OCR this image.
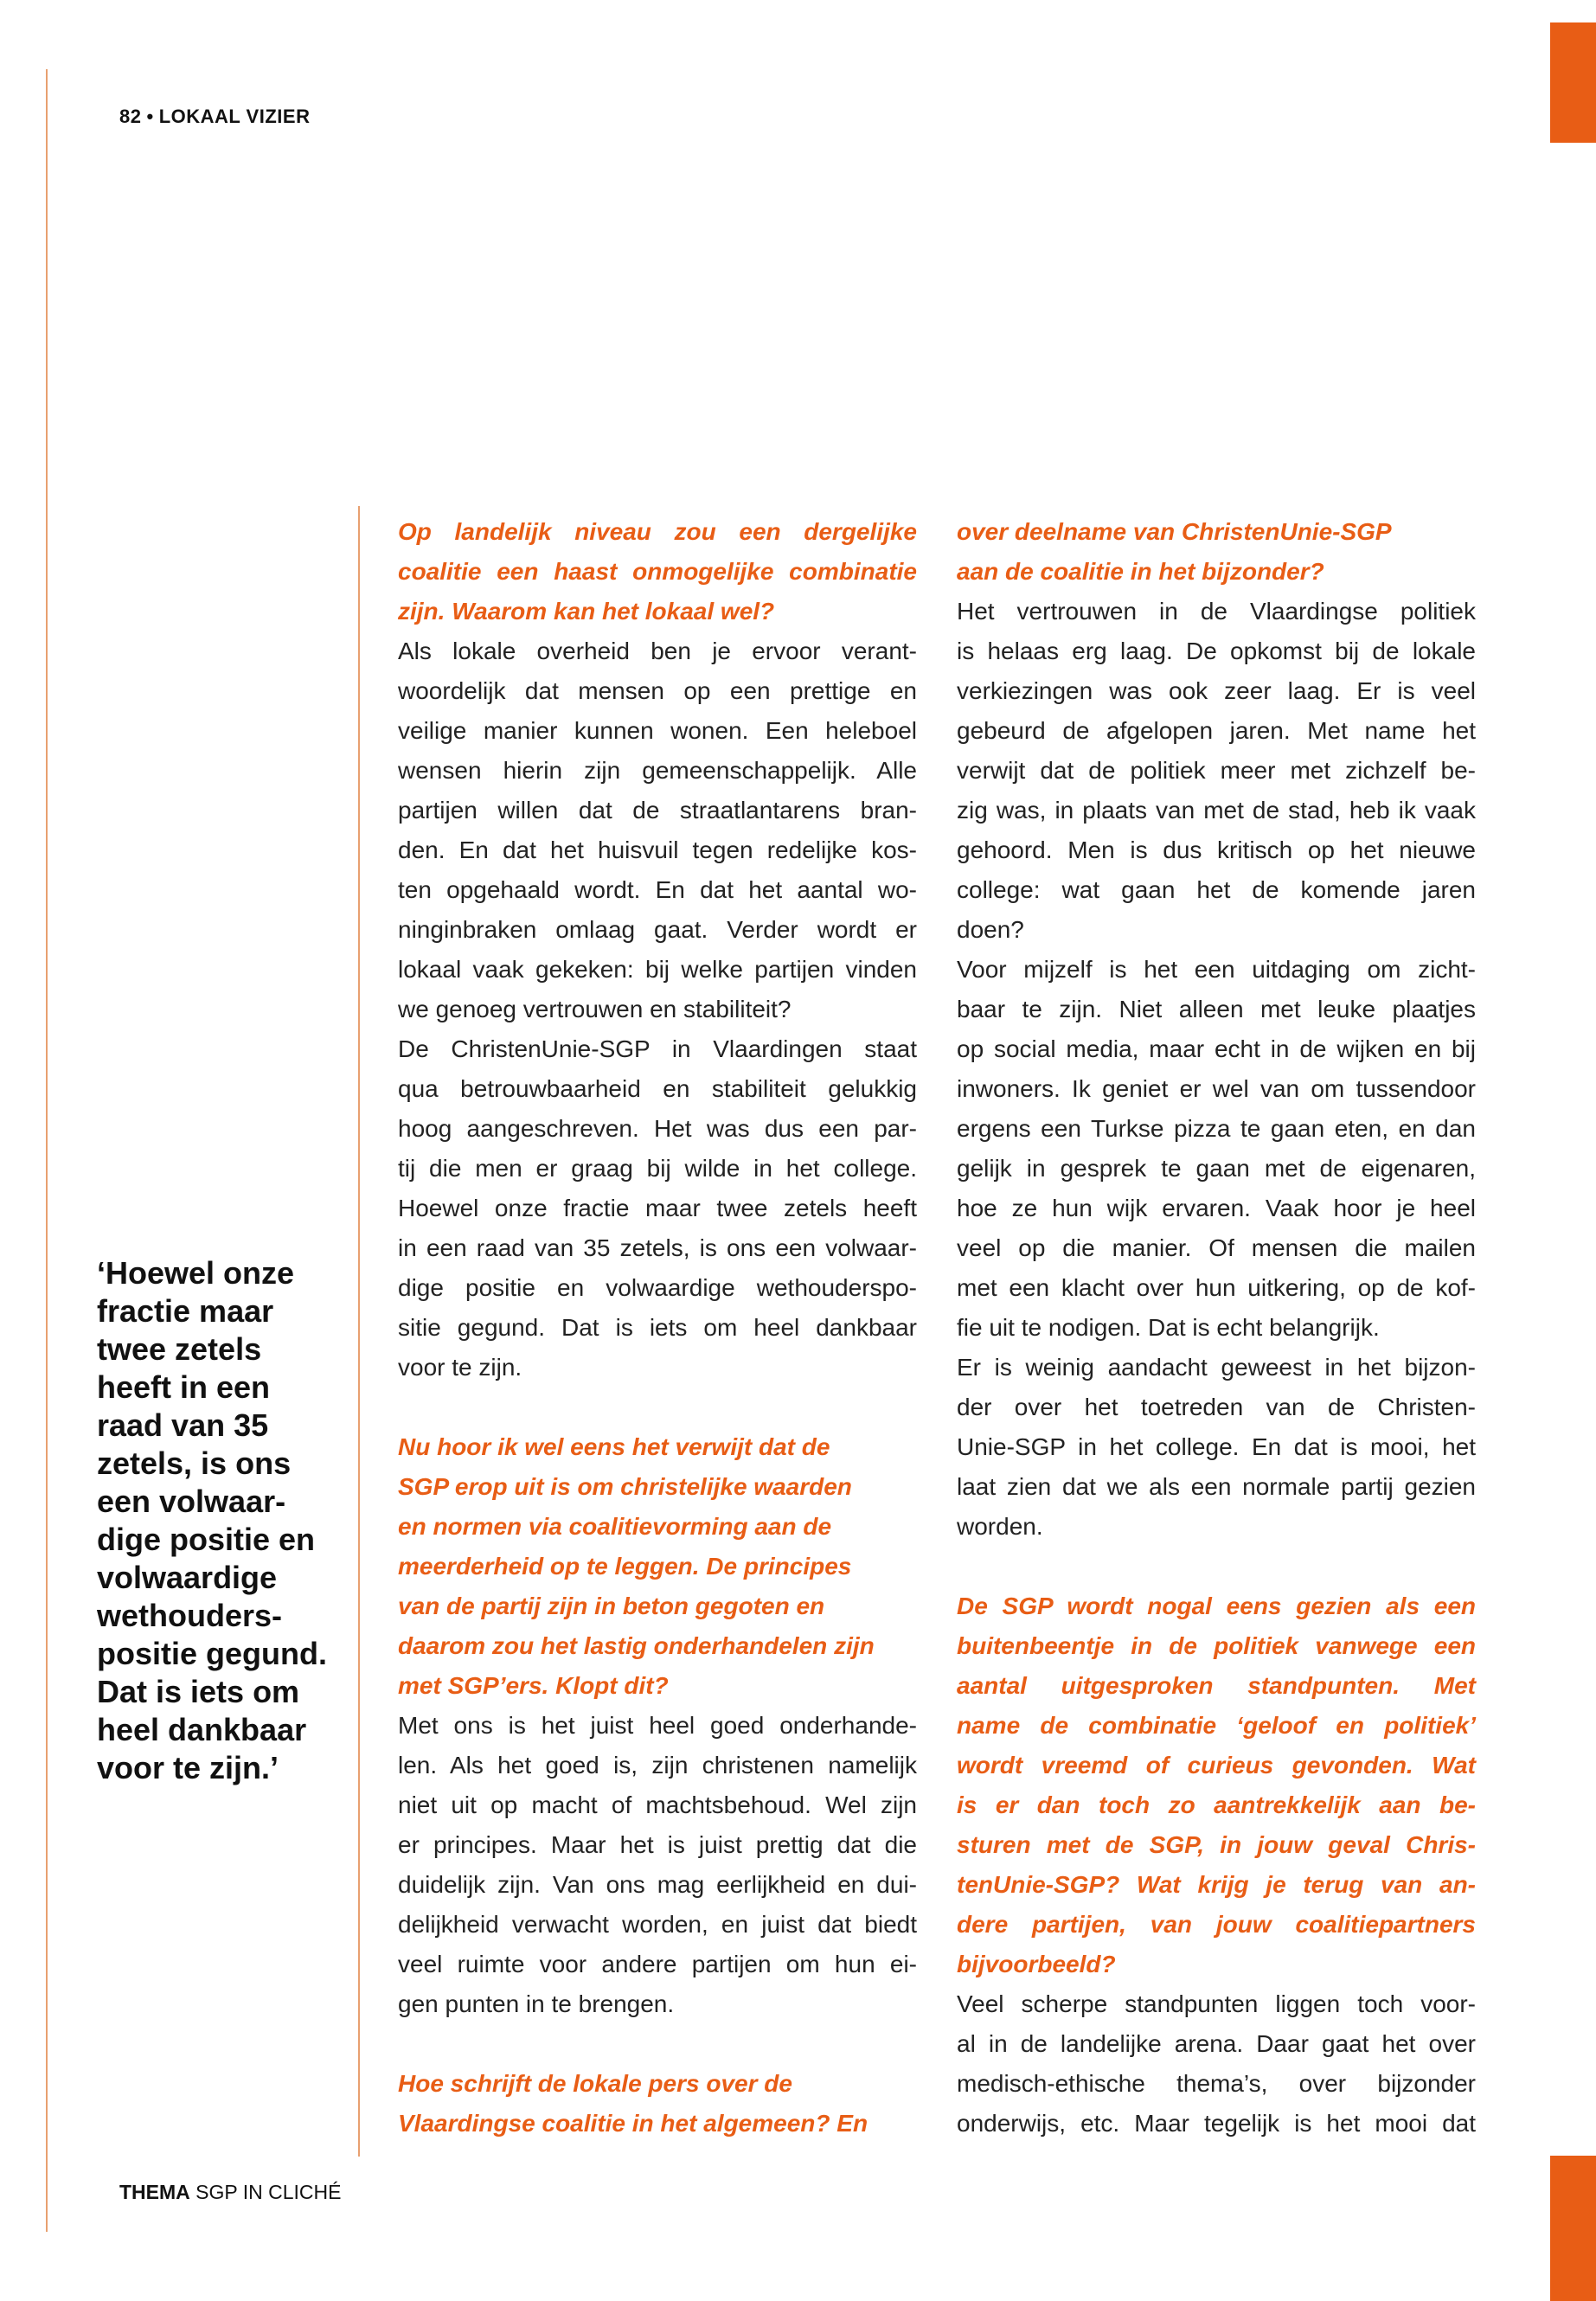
82 • LOKAAL VIZIER
‘Hoewel onze
fractie maar
twee zetels
heeft in een
raad van 35
zetels, is ons
een volwaar-
dige positie en
volwaardige
wethouders-
positie gegund.
Dat is iets om
heel dankbaar
voor te zijn.’
Op landelijk niveau zou een dergelijke
coalitie een haast onmogelijke combinatie
zijn. Waarom kan het lokaal wel?
Als lokale overheid ben je ervoor verant-
woordelijk dat mensen op een prettige en
veilige manier kunnen wonen. Een heleboel
wensen hierin zijn gemeenschappelijk. Alle
partijen willen dat de straatlantarens bran-
den. En dat het huisvuil tegen redelijke kos-
ten opgehaald wordt. En dat het aantal wo-
ninginbraken omlaag gaat. Verder wordt er
lokaal vaak gekeken: bij welke partijen vinden
we genoeg vertrouwen en stabiliteit?
De ChristenUnie-SGP in Vlaardingen staat
qua betrouwbaarheid en stabiliteit gelukkig
hoog aangeschreven. Het was dus een par-
tij die men er graag bij wilde in het college.
Hoewel onze fractie maar twee zetels heeft
in een raad van 35 zetels, is ons een volwaar-
dige positie en volwaardige wethouderspo-
sitie gegund. Dat is iets om heel dankbaar
voor te zijn.
Nu hoor ik wel eens het verwijt dat de
SGP erop uit is om christelijke waarden
en normen via coalitievorming aan de
meerderheid op te leggen. De principes
van de partij zijn in beton gegoten en
daarom zou het lastig onderhandelen zijn
met SGP’ers. Klopt dit?
Met ons is het juist heel goed onderhande-
len. Als het goed is, zijn christenen namelijk
niet uit op macht of machtsbehoud. Wel zijn
er principes. Maar het is juist prettig dat die
duidelijk zijn. Van ons mag eerlijkheid en dui-
delijkheid verwacht worden, en juist dat biedt
veel ruimte voor andere partijen om hun ei-
gen punten in te brengen.
Hoe schrijft de lokale pers over de
Vlaardingse coalitie in het algemeen? En
over deelname van ChristenUnie-SGP
aan de coalitie in het bijzonder?
Het vertrouwen in de Vlaardingse politiek
is helaas erg laag. De opkomst bij de lokale
verkiezingen was ook zeer laag. Er is veel
gebeurd de afgelopen jaren. Met name het
verwijt dat de politiek meer met zichzelf be-
zig was, in plaats van met de stad, heb ik vaak
gehoord. Men is dus kritisch op het nieuwe
college: wat gaan het de komende jaren
doen?
Voor mijzelf is het een uitdaging om zicht-
baar te zijn. Niet alleen met leuke plaatjes
op social media, maar echt in de wijken en bij
inwoners. Ik geniet er wel van om tussendoor
ergens een Turkse pizza te gaan eten, en dan
gelijk in gesprek te gaan met de eigenaren,
hoe ze hun wijk ervaren. Vaak hoor je heel
veel op die manier. Of mensen die mailen
met een klacht over hun uitkering, op de kof-
fie uit te nodigen. Dat is echt belangrijk.
Er is weinig aandacht geweest in het bijzon-
der over het toetreden van de Christen-
Unie-SGP in het college. En dat is mooi, het
laat zien dat we als een normale partij gezien
worden.
De SGP wordt nogal eens gezien als een
buitenbeentje in de politiek vanwege een
aantal uitgesproken standpunten. Met
name de combinatie ‘geloof en politiek’
wordt vreemd of curieus gevonden. Wat
is er dan toch zo aantrekkelijk aan be-
sturen met de SGP, in jouw geval Chris-
tenUnie-SGP? Wat krijg je terug van an-
dere partijen, van jouw coalitiepartners
bijvoorbeeld?
Veel scherpe standpunten liggen toch voor-
al in de landelijke arena. Daar gaat het over
medisch-ethische thema’s, over bijzonder
onderwijs, etc. Maar tegelijk is het mooi dat
THEMA SGP IN CLICHÉ
